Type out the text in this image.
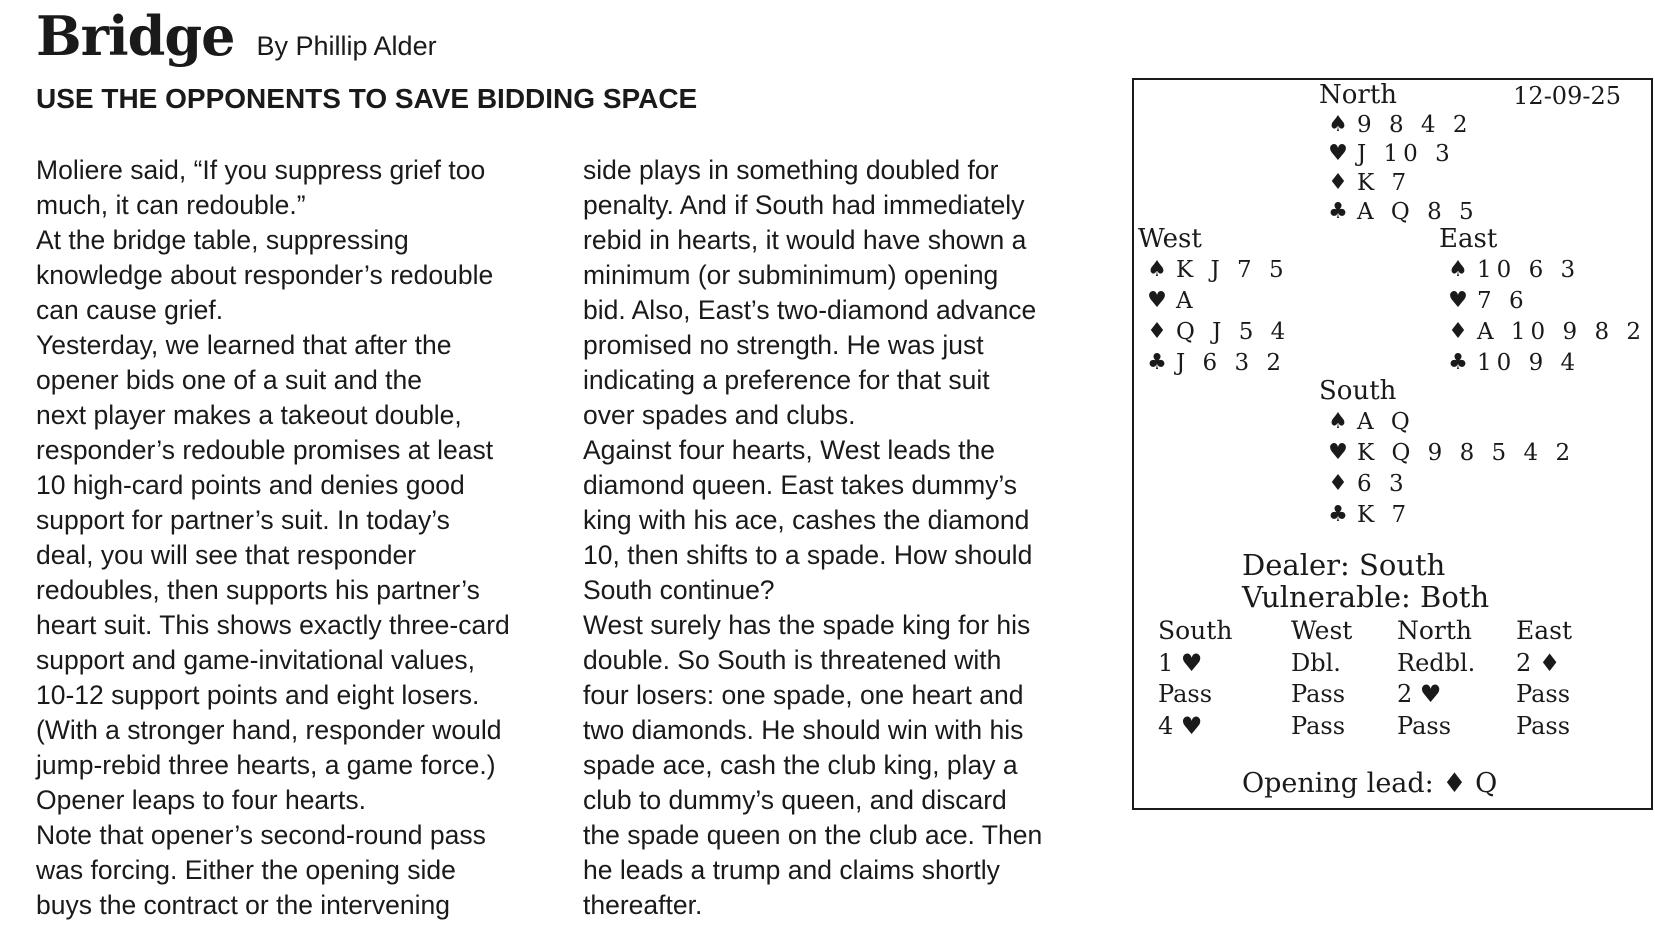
Bridge By Phillip Alder
USE THE OPPONENTS TO SAVE BIDDING SPACE
Moliere said, “If you suppress grief too
much, it can redouble.”
At the bridge table, suppressing
knowledge about responder’s redouble
can cause grief.
Yesterday, we learned that after the
opener bids one of a suit and the
next player makes a takeout double,
responder’s redouble promises at least
10 high-card points and denies good
support for partner’s suit. In today’s
deal, you will see that responder
redoubles, then supports his partner’s
heart suit. This shows exactly three-card
support and game-invitational values,
10-12 support points and eight losers.
(With a stronger hand, responder would
jump-rebid three hearts, a game force.)
Opener leaps to four hearts.
Note that opener’s second-round pass
was forcing. Either the opening side
buys the contract or the intervening
side plays in something doubled for
penalty. And if South had immediately
rebid in hearts, it would have shown a
minimum (or subminimum) opening
bid. Also, East’s two-diamond advance
promised no strength. He was just
indicating a preference for that suit
over spades and clubs.
Against four hearts, West leads the
diamond queen. East takes dummy’s
king with his ace, cashes the diamond
10, then shifts to a spade. How should
South continue?
West surely has the spade king for his
double. So South is threatened with
four losers: one spade, one heart and
two diamonds. He should win with his
spade ace, cash the club king, play a
club to dummy’s queen, and discard
the spade queen on the club ace. Then
he leads a trump and claims shortly
thereafter.
12-09-25
North
♠ 9 8 4 2
♥ J 10 3
♦ K 7
♣ A Q 8 5
West
♠ K J 7 5
♥ A
♦ Q J 5 4
♣ J 6 3 2
East
♠ 10 6 3
♥ 7 6
♦ A 10 9 8 2
♣ 10 9 4
South
♠ A Q
♥ K Q 9 8 5 4 2
♦ 6 3
♣ K 7
Dealer: South
Vulnerable: Both
South	West	North	East
1 ♥	Dbl.	Redbl.	2 ♦
Pass	Pass	2 ♥	Pass
4 ♥	Pass	Pass	Pass
Opening lead: ♦ Q
